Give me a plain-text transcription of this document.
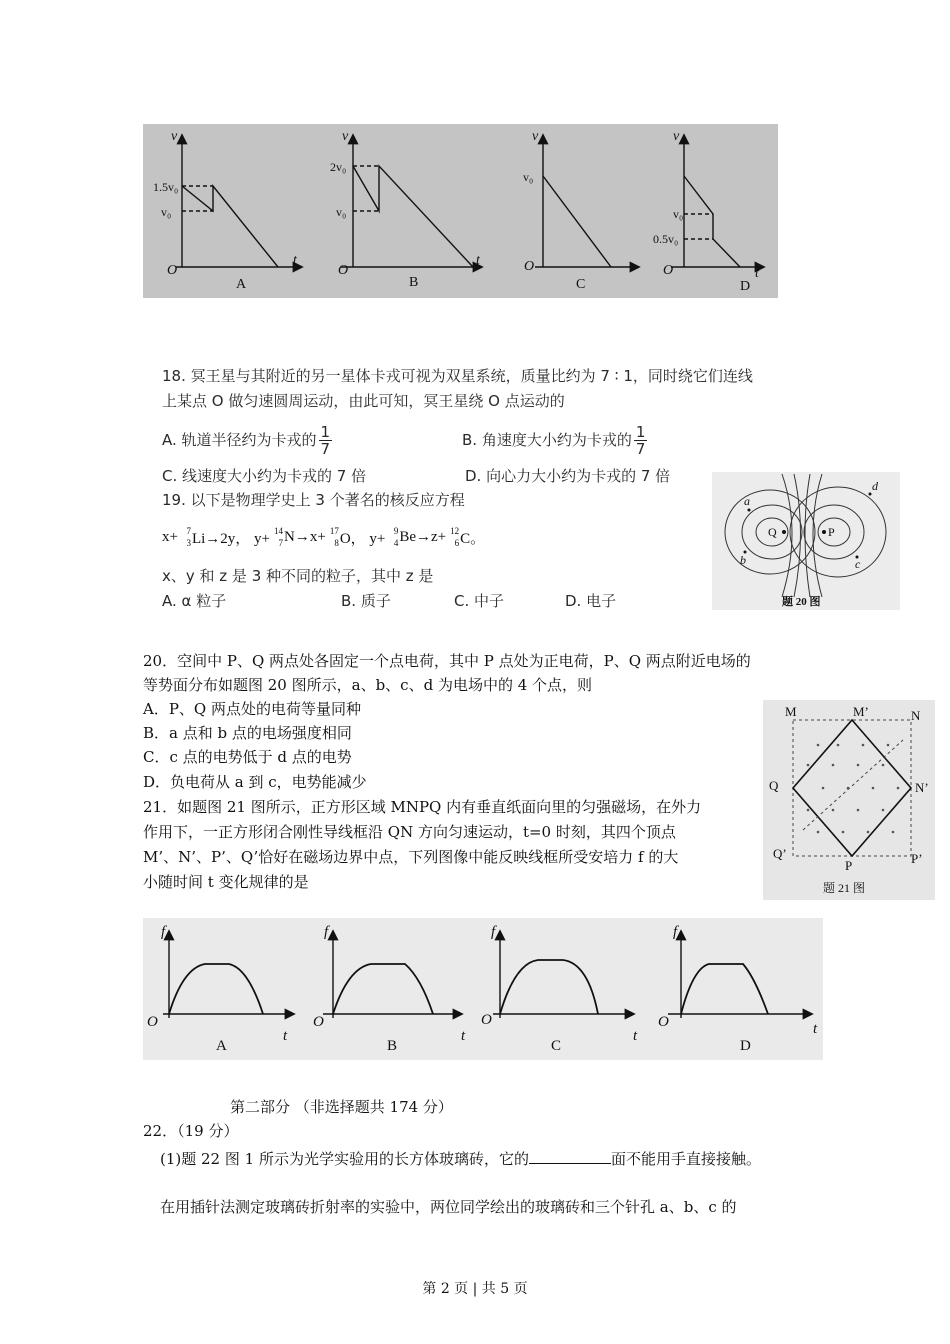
v
t
O
1.5v₀
v₀
A
v
t
O
2v₀
v₀
B
v
t
O
v₀
C
v
t
O
v₀
0.5v₀
D
18. 冥王星与其附近的另一星体卡戎可视为双星系统，质量比约为 7 ∶ 1，同时绕它们连线
上某点 O 做匀速圆周运动，由此可知，冥王星绕 O 点运动的
A. 轨道半径约为卡戎的 $\frac{1}{7}$	B. 角速度大小约为卡戎的 $\frac{1}{7}$
C. 线速度大小约为卡戎的 7 倍	D. 向心力大小约为卡戎的 7 倍
19. 以下是物理学史上 3 个著名的核反应方程
x+ 7
3 Li→2y， y+ 14
7 N→x+ 17
8 O， y+ 9
4 Be→z+ 12
6 C。
x、y 和 z 是 3 种不同的粒子，其中 z 是
A. α 粒子	B. 质子	C. 中子	D. 电子
Q	P
a
b	c
d
题 20 图
20．空间中 P、Q 两点处各固定一个点电荷，其中 P 点处为正电荷，P、Q 两点附近电场的
等势面分布如题图 20 图所示，a、b、c、d 为电场中的 4 个点，则
A．P、Q 两点处的电荷等量同种
B．a 点和 b 点的电场强度相同
C．c 点的电势低于 d 点的电势
D．负电荷从 a 到 c，电势能减少
M	M’	N
N’
Q
Q’
P	P’
题 21 图
21．如题图 21 图所示，正方形区域 MNPQ 内有垂直纸面向里的匀强磁场，在外力
作用下，一正方形闭合刚性导线框沿 QN 方向匀速运动，t=0 时刻，其四个顶点
M’、N’、P’、Q’恰好在磁场边界中点，下列图像中能反映线框所受安培力 f 的大
小随时间 t 变化规律的是
f
t
O
A
f
t
O
B
f
t
O
C
f
t
O
D
第二部分 （非选择题共 174 分）
22．（19 分）
(1)题 22 图 1 所示为光学实验用的长方体玻璃砖，它的	面不能用手直接接触。
在用插针法测定玻璃砖折射率的实验中，两位同学绘出的玻璃砖和三个针孔 a、b、c 的
第 2 页 | 共 5 页
